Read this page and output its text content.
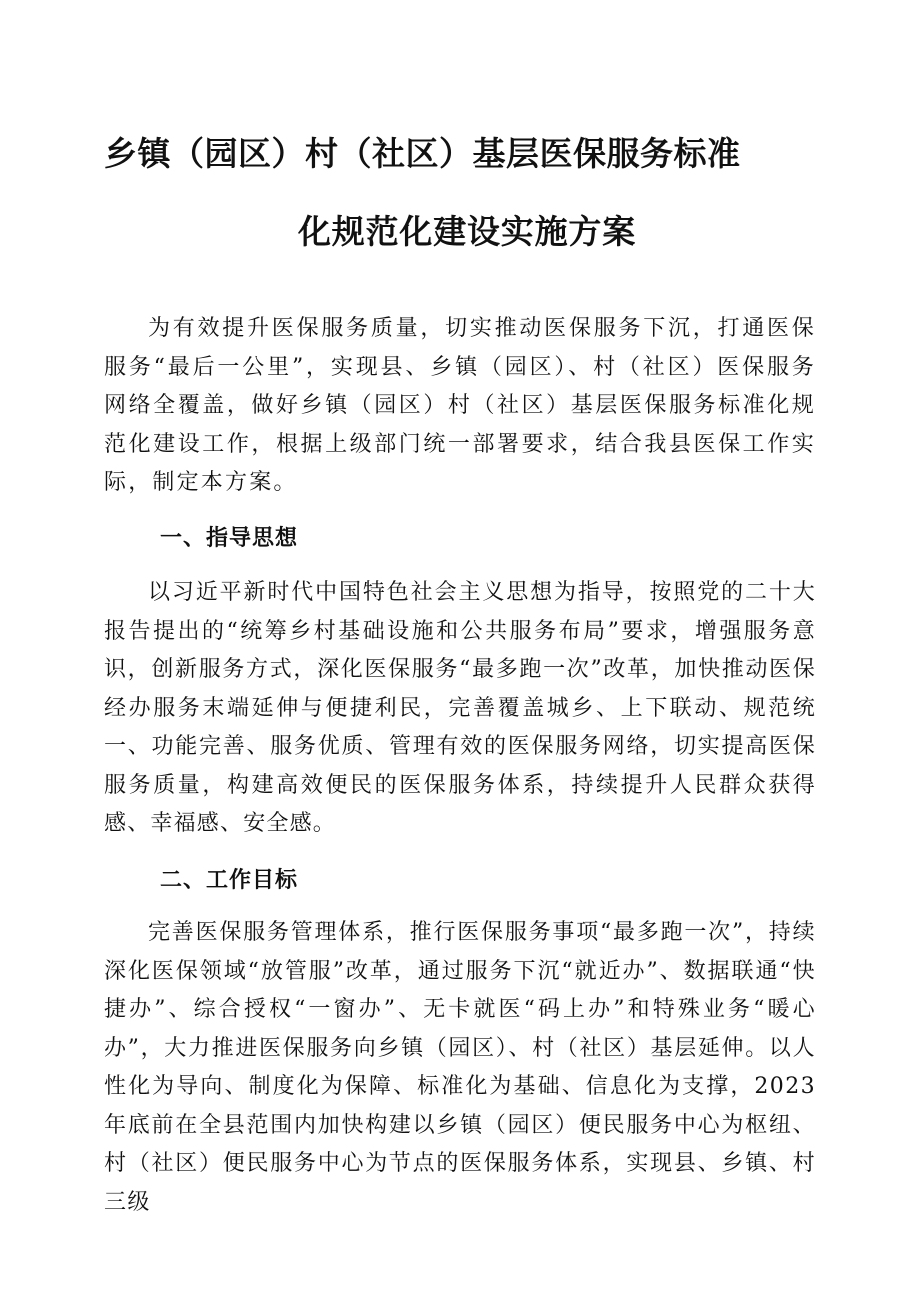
乡镇（园区）村（社区）基层医保服务标准
化规范化建设实施方案

为有效提升医保服务质量，切实推动医保服务下沉，打通医保服务“最后一公里”，实现县、乡镇（园区）、村（社区）医保服务网络全覆盖，做好乡镇（园区）村（社区）基层医保服务标准化规范化建设工作，根据上级部门统一部署要求，结合我县医保工作实际，制定本方案。

一、指导思想

以习近平新时代中国特色社会主义思想为指导，按照党的二十大报告提出的“统筹乡村基础设施和公共服务布局”要求，增强服务意识，创新服务方式，深化医保服务“最多跑一次”改革，加快推动医保经办服务末端延伸与便捷利民，完善覆盖城乡、上下联动、规范统一、功能完善、服务优质、管理有效的医保服务网络，切实提高医保服务质量，构建高效便民的医保服务体系，持续提升人民群众获得感、幸福感、安全感。

二、工作目标

完善医保服务管理体系，推行医保服务事项“最多跑一次”，持续深化医保领域“放管服”改革，通过服务下沉“就近办”、数据联通“快捷办”、综合授权“一窗办”、无卡就医“码上办”和特殊业务“暖心办”，大力推进医保服务向乡镇（园区）、村（社区）基层延伸。以人性化为导向、制度化为保障、标准化为基础、信息化为支撑，2023年底前在全县范围内加快构建以乡镇（园区）便民服务中心为枢纽、村（社区）便民服务中心为节点的医保服务体系，实现县、乡镇、村三级
